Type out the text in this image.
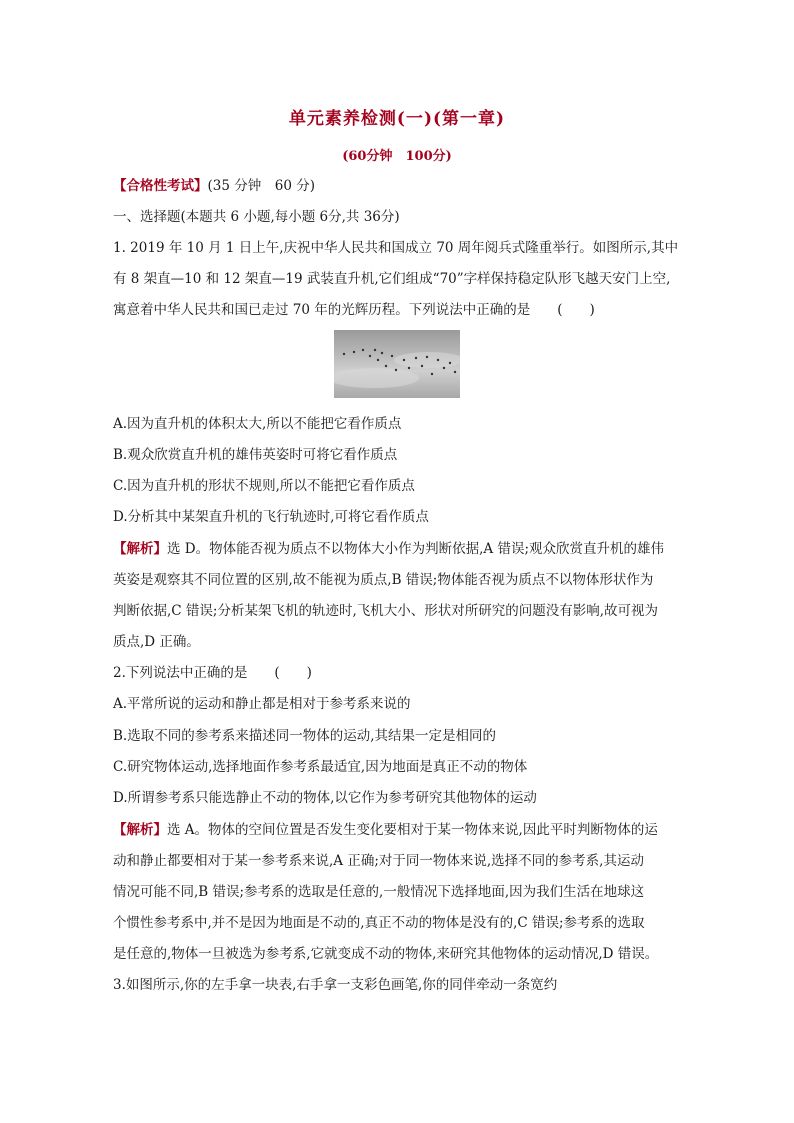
单元素养检测(一)(第一章)
(60分钟　100分)
【合格性考试】(35 分钟　60 分)
一、选择题(本题共 6 小题,每小题 6分,共 36分)
1. 2019 年 10 月 1 日上午,庆祝中华人民共和国成立 70 周年阅兵式隆重举行。如图所示,其中
有 8 架直—10 和 12 架直—19 武装直升机,它们组成“70”字样保持稳定队形飞越天安门上空,
寓意着中华人民共和国已走过 70 年的光辉历程。下列说法中正确的是　　(　　)
A.因为直升机的体积太大,所以不能把它看作质点
B.观众欣赏直升机的雄伟英姿时可将它看作质点
C.因为直升机的形状不规则,所以不能把它看作质点
D.分析其中某架直升机的飞行轨迹时,可将它看作质点
【解析】选 D。物体能否视为质点不以物体大小作为判断依据,A 错误;观众欣赏直升机的雄伟
英姿是观察其不同位置的区别,故不能视为质点,B 错误;物体能否视为质点不以物体形状作为
判断依据,C 错误;分析某架飞机的轨迹时,飞机大小、形状对所研究的问题没有影响,故可视为
质点,D 正确。
2.下列说法中正确的是　　(　　)
A.平常所说的运动和静止都是相对于参考系来说的
B.选取不同的参考系来描述同一物体的运动,其结果一定是相同的
C.研究物体运动,选择地面作参考系最适宜,因为地面是真正不动的物体
D.所谓参考系只能选静止不动的物体,以它作为参考研究其他物体的运动
【解析】选 A。物体的空间位置是否发生变化要相对于某一物体来说,因此平时判断物体的运
动和静止都要相对于某一参考系来说,A 正确;对于同一物体来说,选择不同的参考系,其运动
情况可能不同,B 错误;参考系的选取是任意的,一般情况下选择地面,因为我们生活在地球这
个惯性参考系中,并不是因为地面是不动的,真正不动的物体是没有的,C 错误;参考系的选取
是任意的,物体一旦被选为参考系,它就变成不动的物体,来研究其他物体的运动情况,D 错误。
3.如图所示,你的左手拿一块表,右手拿一支彩色画笔,你的同伴牵动一条宽约
